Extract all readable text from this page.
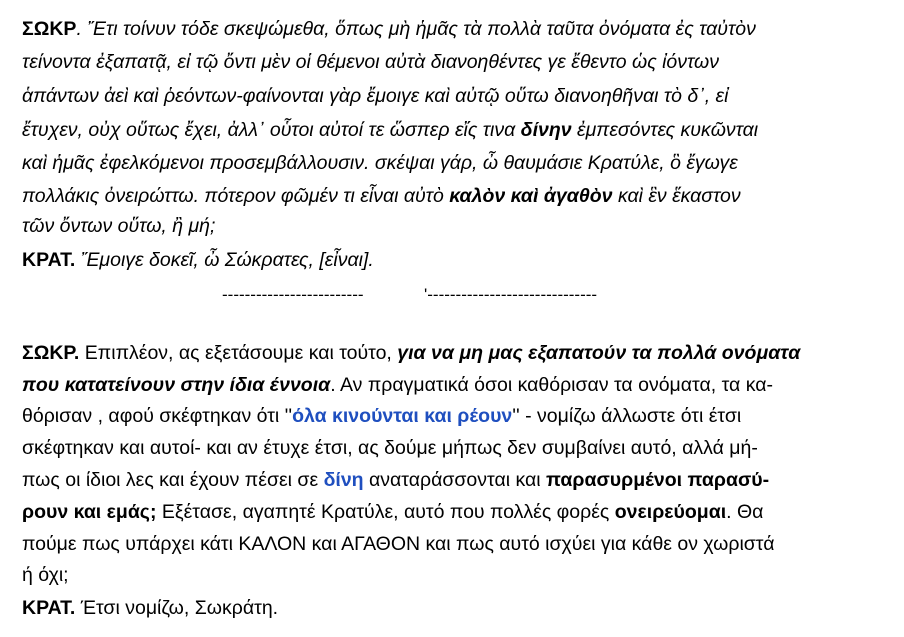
ΣΩΚΡ. Ἔτι τοίνυν τόδε σκεψώμεθα, ὅπως μὴ ἡμᾶς τὰ πολλὰ ταῦτα ὀνόματα ἐς ταὐτὸν
τείνοντα ἐξαπατᾷ, εἰ τῷ ὄντι μὲν οἱ θέμενοι αὐτὰ διανοηθέντες γε ἔθεντο ὡς ἰόντων
ἁπάντων ἀεὶ καὶ ῥεόντων-φαίνονται γὰρ ἔμοιγε καὶ αὐτῷ οὕτω διανοηθῆναι τὸ δ᾿, εἰ
ἔτυχεν, οὐχ οὕτως ἔχει, ἀλλ᾿ οὗτοι αὐτοί τε ὥσπερ εἴς τινα δίνην ἐμπεσόντες κυκῶνται
καὶ ἡμᾶς ἐφελκόμενοι προσεμβάλλουσιν. σκέψαι γάρ, ὦ θαυμάσιε Κρατύλε, ὃ ἔγωγε
πολλάκις ὀνειρώττω. πότερον φῶμέν τι εἶναι αὐτὸ καλὸν καὶ ἀγαθὸν καὶ ἓν ἕκαστον
τῶν ὄντων οὕτω, ἢ μή;
ΚΡΑΤ. Ἔμοιγε δοκεῖ, ὦ Σώκρατες, [εἶναι].
-------------------------	'------------------------------
ΣΩΚΡ. Επιπλέον, ας εξετάσουμε και τούτο, για να μη μας εξαπατούν τα πολλά ονόματα
που κατατείνουν στην ίδια έννοια. Αν πραγματικά όσοι καθόρισαν τα ονόματα, τα κα-
θόρισαν , αφού σκέφτηκαν ότι ''όλα κινούνται και ρέουν'' - νομίζω άλλωστε ότι έτσι
σκέφτηκαν και αυτοί- και αν έτυχε έτσι, ας δούμε μήπως δεν συμβαίνει αυτό, αλλά μή-
πως οι ίδιοι λες και έχουν πέσει σε δίνη αναταράσσονται και παρασυρμένοι παρασύ-
ρουν και εμάς; Εξέτασε, αγαπητέ Κρατύλε, αυτό που πολλές φορές ονειρεύομαι. Θα
πούμε πως υπάρχει κάτι ΚΑΛΟΝ και ΑΓΑΘΟΝ και πως αυτό ισχύει για κάθε ον χωριστά
ή όχι;
ΚΡΑΤ. Έτσι νομίζω, Σωκράτη.
